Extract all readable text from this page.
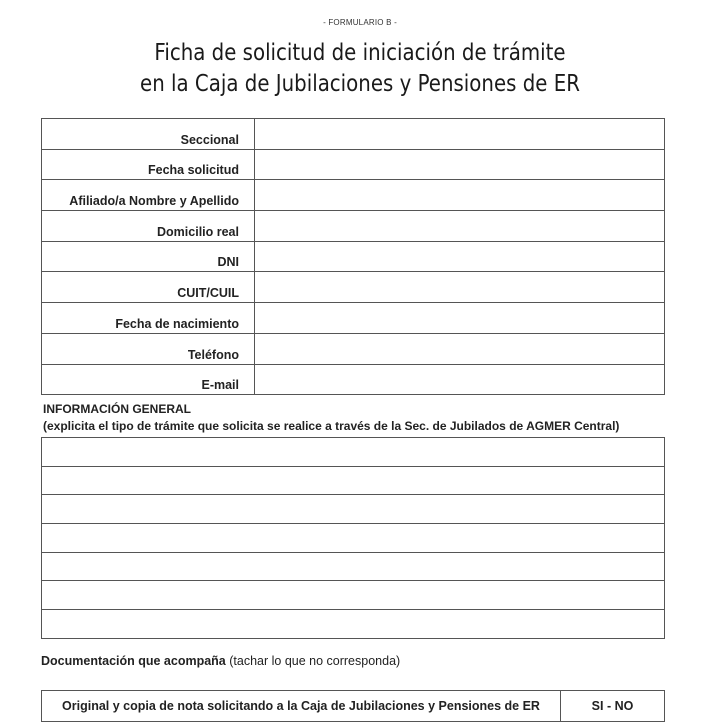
- FORMULARIO B -
Ficha de solicitud de iniciación de trámite
en la Caja de Jubilaciones y Pensiones de ER
Seccional	
Fecha solicitud	
Afiliado/a Nombre y Apellido	
Domicilio real	
DNI	
CUIT/CUIL	
Fecha de nacimiento	
Teléfono	
E-mail	
INFORMACIÓN GENERAL
(explicita el tipo de trámite que solicita se realice a través de la Sec. de Jubilados de AGMER Central)

Documentación que acompaña (tachar lo que no corresponda)
Original y copia de nota solicitando a la Caja de Jubilaciones y Pensiones de ER	SI - NO
